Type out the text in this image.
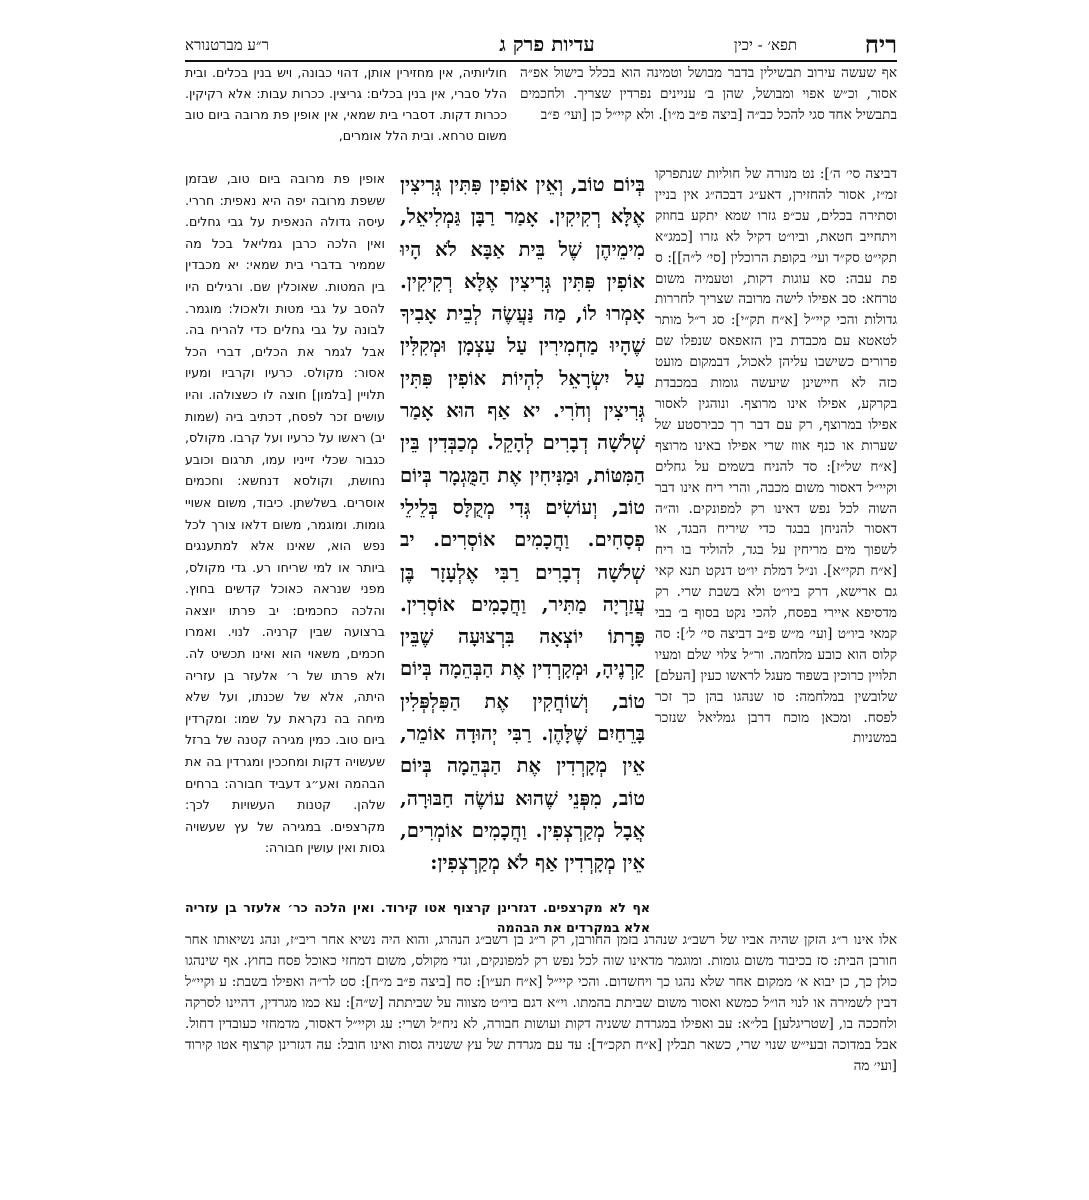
ריח
תפא׳ - יכין
עדיות פרק ג
ר״ע מברטנורא

אף שעשה עירוב תבשילין בדבר מבושל וטמינה הוא בכלל בישול אפ״ה אסור, וכ״ש אפוי ומבושל, שהן ב׳ עניינים נפרדין שצריך. ולחכמים בתבשיל אחד סגי להכל כב״ה [ביצה פ״ב מ״ו]. ולא קיי״ל כן [ועי׳ פ״ב

חוליותיה, אין מחזירין אותן, דהוי כבונה, ויש בנין בכלים. ובית הלל סברי, אין בנין בכלים: גריצין. ככרות עבות: אלא רקיקין. ככרות דקות. דסברי בית שמאי, אין אופין פת מרובה ביום טוב משום טרחא. ובית הלל אומרים,

דביצה סי׳ ה׳]: נט מנורה של חוליות שנתפרקו זמ״ז, אסור להחזירן, דאע״ג דבכה״ג אין בניין וסתירה בכלים, עכ״פ גזרו שמא יתקע בחוזק ויתחייב חטאת, וביו״ט דקיל לא גזרו [כמג״א תקי״ט סק״ד ועי׳ בקופת הרוכלין [סי׳ ל״ה]]: ס פת עבה: סא עוגות דקות, וטעמיה משום טרחא: סב אפילו לישה מרובה שצריך לחררות גדולות והכי קיי״ל [א״ח תק״י]: סג ר״ל מותר לטאטא עם מכבדת בין הזאפאס שנפלו שם פרורים כשישבו עליהן לאכול, דבמקום מועט כזה לא חיישינן שיעשה גומות במכבדת בקרקע, אפילו אינו מרוצף. ונוהגין לאסור אפילו במרוצף, רק עם דבר רך כבירסטע של שערות או כנף אווז שרי אפילו באינו מרוצף [א״ח של״ז]: סד להניח בשמים על גחלים וקיי״ל דאסור משום מכבה, והרי ריח אינו דבר השוה לכל נפש דאינו רק למפונקים. וה״ה דאסור להניחן בבגד כדי שיריח הבגד, או לשפוך מים מריחין על בגד, להוליד בו ריח [א״ח תקי״א]. ונ״ל דמלת יו״ט דנקט תנא קאי גם ארישא, דרק ביו״ט ולא בשבת שרי. רק מדסיפא איירי בפסח, להכי נקט בסוף ב׳ בבי קמאי ביו״ט [ועי׳ מ״ש פ״ב דביצה סי׳ ל׳]: סה קלוס הוא כובע מלחמה. ור״ל צלוי שלם ומעיו תלויין כרוכין בשפוד מעגל לראשו כעין [העלם] שלובשין במלחמה: סו שנהגו בהן כך זכר לפסח. ומכאן מוכח דרבן גמליאל שנזכר במשניות

בְּיוֹם טוֹב, וְאֵין אוֹפִין פִּתִּין גְּרִיצִין אֶלָּא רְקִיקִין. אָמַר רַבָּן גַּמְלִיאֵל, מִימֵיהֶן שֶׁל בֵּית אַבָּא לֹא הָיוּ אוֹפִין פִּתִּין גְּרִיצִין אֶלָּא רְקִיקִין. אָמְרוּ לוֹ, מַה נַּעֲשֶׂה לְבֵית אָבִיךָ שֶׁהָיוּ מַחְמִירִין עַל עַצְמָן וּמְקִלִּין עַל יִשְׂרָאֵל לִהְיוֹת אוֹפִין פִּתִּין גְּרִיצִין וְחֹרִי. יא אַף הוּא אָמַר שְׁלֹשָׁה דְבָרִים לְהָקֵל. מְכַבְּדִין בֵּין הַמִּטּוֹת, וּמַנִּיחִין אֶת הַמֻּגְמָר בְּיוֹם טוֹב, וְעוֹשִׂים גְּדִי מְקֻלָּס בְּלֵילֵי פְסָחִים. וַחֲכָמִים אוֹסְרִים. יב שְׁלֹשָׁה דְבָרִים רַבִּי אֶלְעָזָר בֶּן עֲזַרְיָה מַתִּיר, וַחֲכָמִים אוֹסְרִין. פָּרָתוֹ יוֹצְאָה בִּרְצוּעָה שֶׁבֵּין קַרְנֶיהָ, וּמְקָרְדִין אֶת הַבְּהֵמָה בְּיוֹם טוֹב, וְשׁוֹחֲקִין אֶת הַפִּלְפְּלִין בָּרֵחַיִם שֶׁלָּהֶן. רַבִּי יְהוּדָה אוֹמֵר, אֵין מְקָרְדִין אֶת הַבְּהֵמָה בְּיוֹם טוֹב, מִפְּנֵי שֶׁהוּא עוֹשֶׂה חַבּוּרָה, אֲבָל מְקַרְצְפִין. וַחֲכָמִים אוֹמְרִים, אֵין מְקָרְדִין אַף לֹא מְקַרְצְפִין:

אופין פת מרובה ביום טוב, שבזמן ששפת מרובה יפה היא נאפית: חררי. עיסה גדולה הנאפית על גבי גחלים. ואין הלכה כרבן גמליאל בכל מה שממיר בדברי בית שמאי: יא מכבדין בין המטות. שאוכלין שם. ורגילים היו להסב על גבי מטות ולאכול: מוגמר. לבונה על גבי גחלים כדי להריח בה. אבל לגמר את הכלים, דברי הכל אסור: מקולס. כרעיו וקרביו ומעיו תלויין [בלמון] חוצה לו כשצולהו. והיו עושים זכר לפסח, דכתיב ביה (שמות יב) ראשו על כרעיו ועל קרבו. מקולס, כגבור שכלי זייניו עמו, תרגום וכובע נחושת, וקולסא דנחשא: וחכמים אוסרים. בשלשתן. כיבוד, משום אשויי גומות. ומוגמר, משום דלאו צורך לכל נפש הוא, שאינו אלא למתענגים ביותר או למי שריחו רע. גדי מקולס, מפני שנראה כאוכל קדשים בחוץ. והלכה כחכמים: יב פרתו יוצאה ברצועה שבין קרניה. לנוי. ואמרו חכמים, משאוי הוא ואינו תכשיט לה. ולא פרתו של ר׳ אלעזר בן עזריה היתה, אלא של שכנתו, ועל שלא מיחה בה נקראת על שמו: ומקרדין ביום טוב. כמין מגירה קטנה של ברזל שעשויה דקות ומחככין ומגרדין בה את הבהמה ואע״ג דעביד חבורה: ברחים שלהן. קטנות העשויות לכך: מקרצפים. במגירה של עץ שעשויה גסות ואין עושין חבורה:

אף לא מקרצפים. דגזרינן קרצוף אטו קירוד. ואין הלכה כר׳ אלעזר בן עזריה אלא במקרדים את הבהמה

אלו אינו ר״ג הזקן שהיה אביו של רשב״ג שנהרג בזמן החורבן, רק ר״ג בן רשב״ג הנהרג, והוא היה נשיא אחר ריב״ז, ונהג נשיאותו אחר חורבן הבית: סז בכיבוד משום גומות. ומוגמר מדאינו שוה לכל נפש רק למפונקים, וגדי מקולס, משום דמחזי כאוכל פסח בחוץ. אף שינהגו כולן כך, כן יבוא א׳ ממקום אחר שלא נהגו כך ויחשדום. והכי קיי״ל [א״ח תע״ו]: סח [ביצה פ״ב מ״ח]: סט לר״ה ואפילו בשבת: ע וקיי״ל דבין לשמירה או לנוי הו״ל כמשא ואסור משום שביתת בהמתו. וי״א דגם ביו״ט מצווה על שביתתה [ש״ה]: עא כמו מגרדין, דהיינו לסרקה ולחככה בו, [שטריגלען] בל״א: עב ואפילו במגרדת ששניה דקות ועושות חבורה, לא ניח״ל ושרי: עג וקיי״ל דאסור, מדמחזי כעובדין דחול. אבל במדוכה ובעי״ש שנוי שרי, כשאר תבלין [א״ח תקכ״ד]: עד עם מגרדת של עץ ששניה גסות ואינו חובל: עה דגזרינן קרצוף אטו קירוד [ועי׳ מה
